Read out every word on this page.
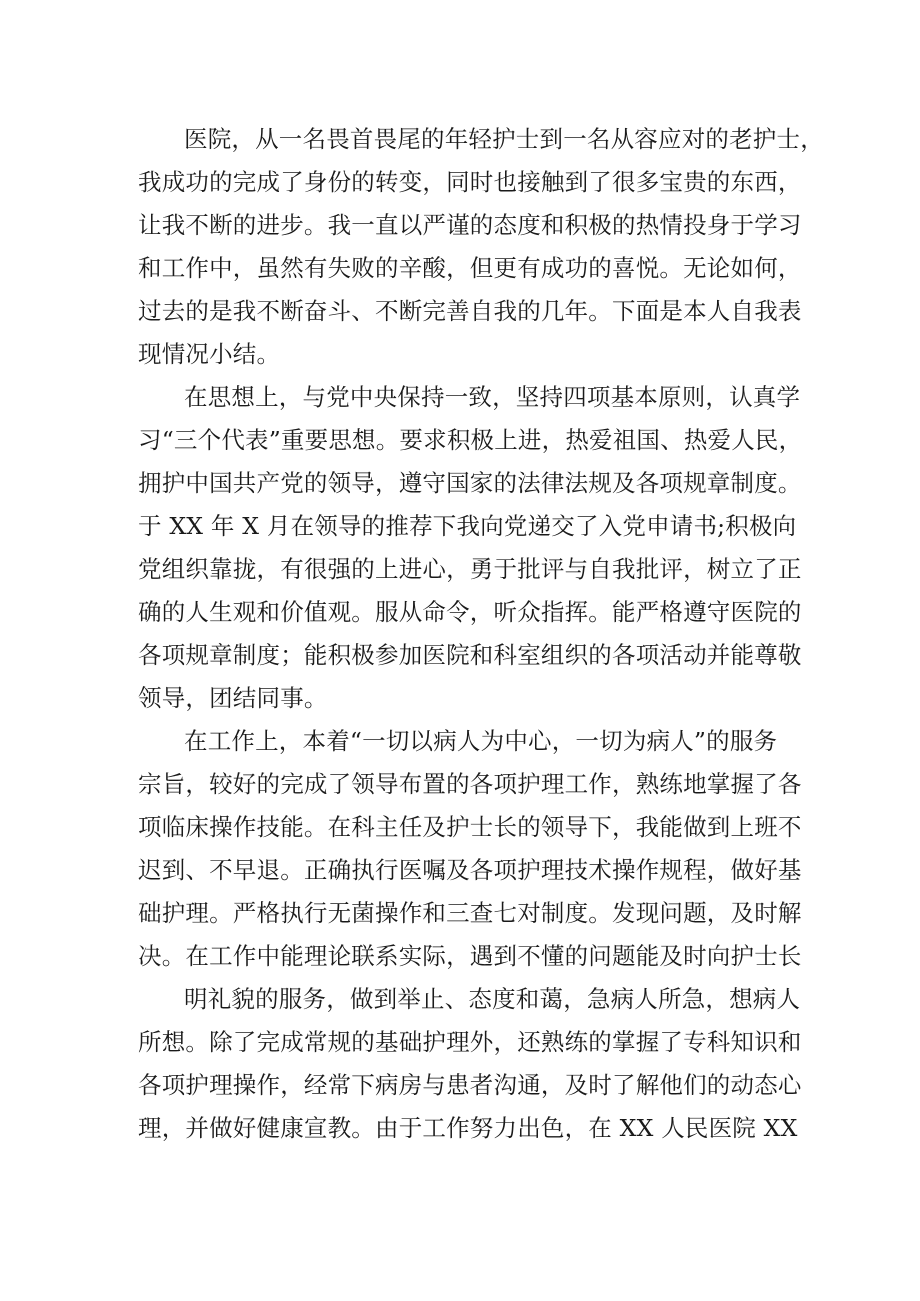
医院，从一名畏首畏尾的年轻护士到一名从容应对的老护士，
我成功的完成了身份的转变，同时也接触到了很多宝贵的东西，
让我不断的进步。我一直以严谨的态度和积极的热情投身于学习
和工作中，虽然有失败的辛酸，但更有成功的喜悦。无论如何，
过去的是我不断奋斗、不断完善自我的几年。下面是本人自我表
现情况小结。
在思想上，与党中央保持一致，坚持四项基本原则，认真学
习“三个代表”重要思想。要求积极上进，热爱祖国、热爱人民，
拥护中国共产党的领导，遵守国家的法律法规及各项规章制度。
于 XX 年 X 月在领导的推荐下我向党递交了入党申请书;积极向
党组织靠拢，有很强的上进心，勇于批评与自我批评，树立了正
确的人生观和价值观。服从命令，听众指挥。能严格遵守医院的
各项规章制度；能积极参加医院和科室组织的各项活动并能尊敬
领导，团结同事。
在工作上，本着“一切以病人为中心，一切为病人”的服务
宗旨，较好的完成了领导布置的各项护理工作，熟练地掌握了各
项临床操作技能。在科主任及护士长的领导下，我能做到上班不
迟到、不早退。正确执行医嘱及各项护理技术操作规程，做好基
础护理。严格执行无菌操作和三查七对制度。发现问题，及时解
决。在工作中能理论联系实际，遇到不懂的问题能及时向护士长
明礼貌的服务，做到举止、态度和蔼，急病人所急，想病人
所想。除了完成常规的基础护理外，还熟练的掌握了专科知识和
各项护理操作，经常下病房与患者沟通，及时了解他们的动态心
理，并做好健康宣教。由于工作努力出色，在 XX 人民医院 XX
